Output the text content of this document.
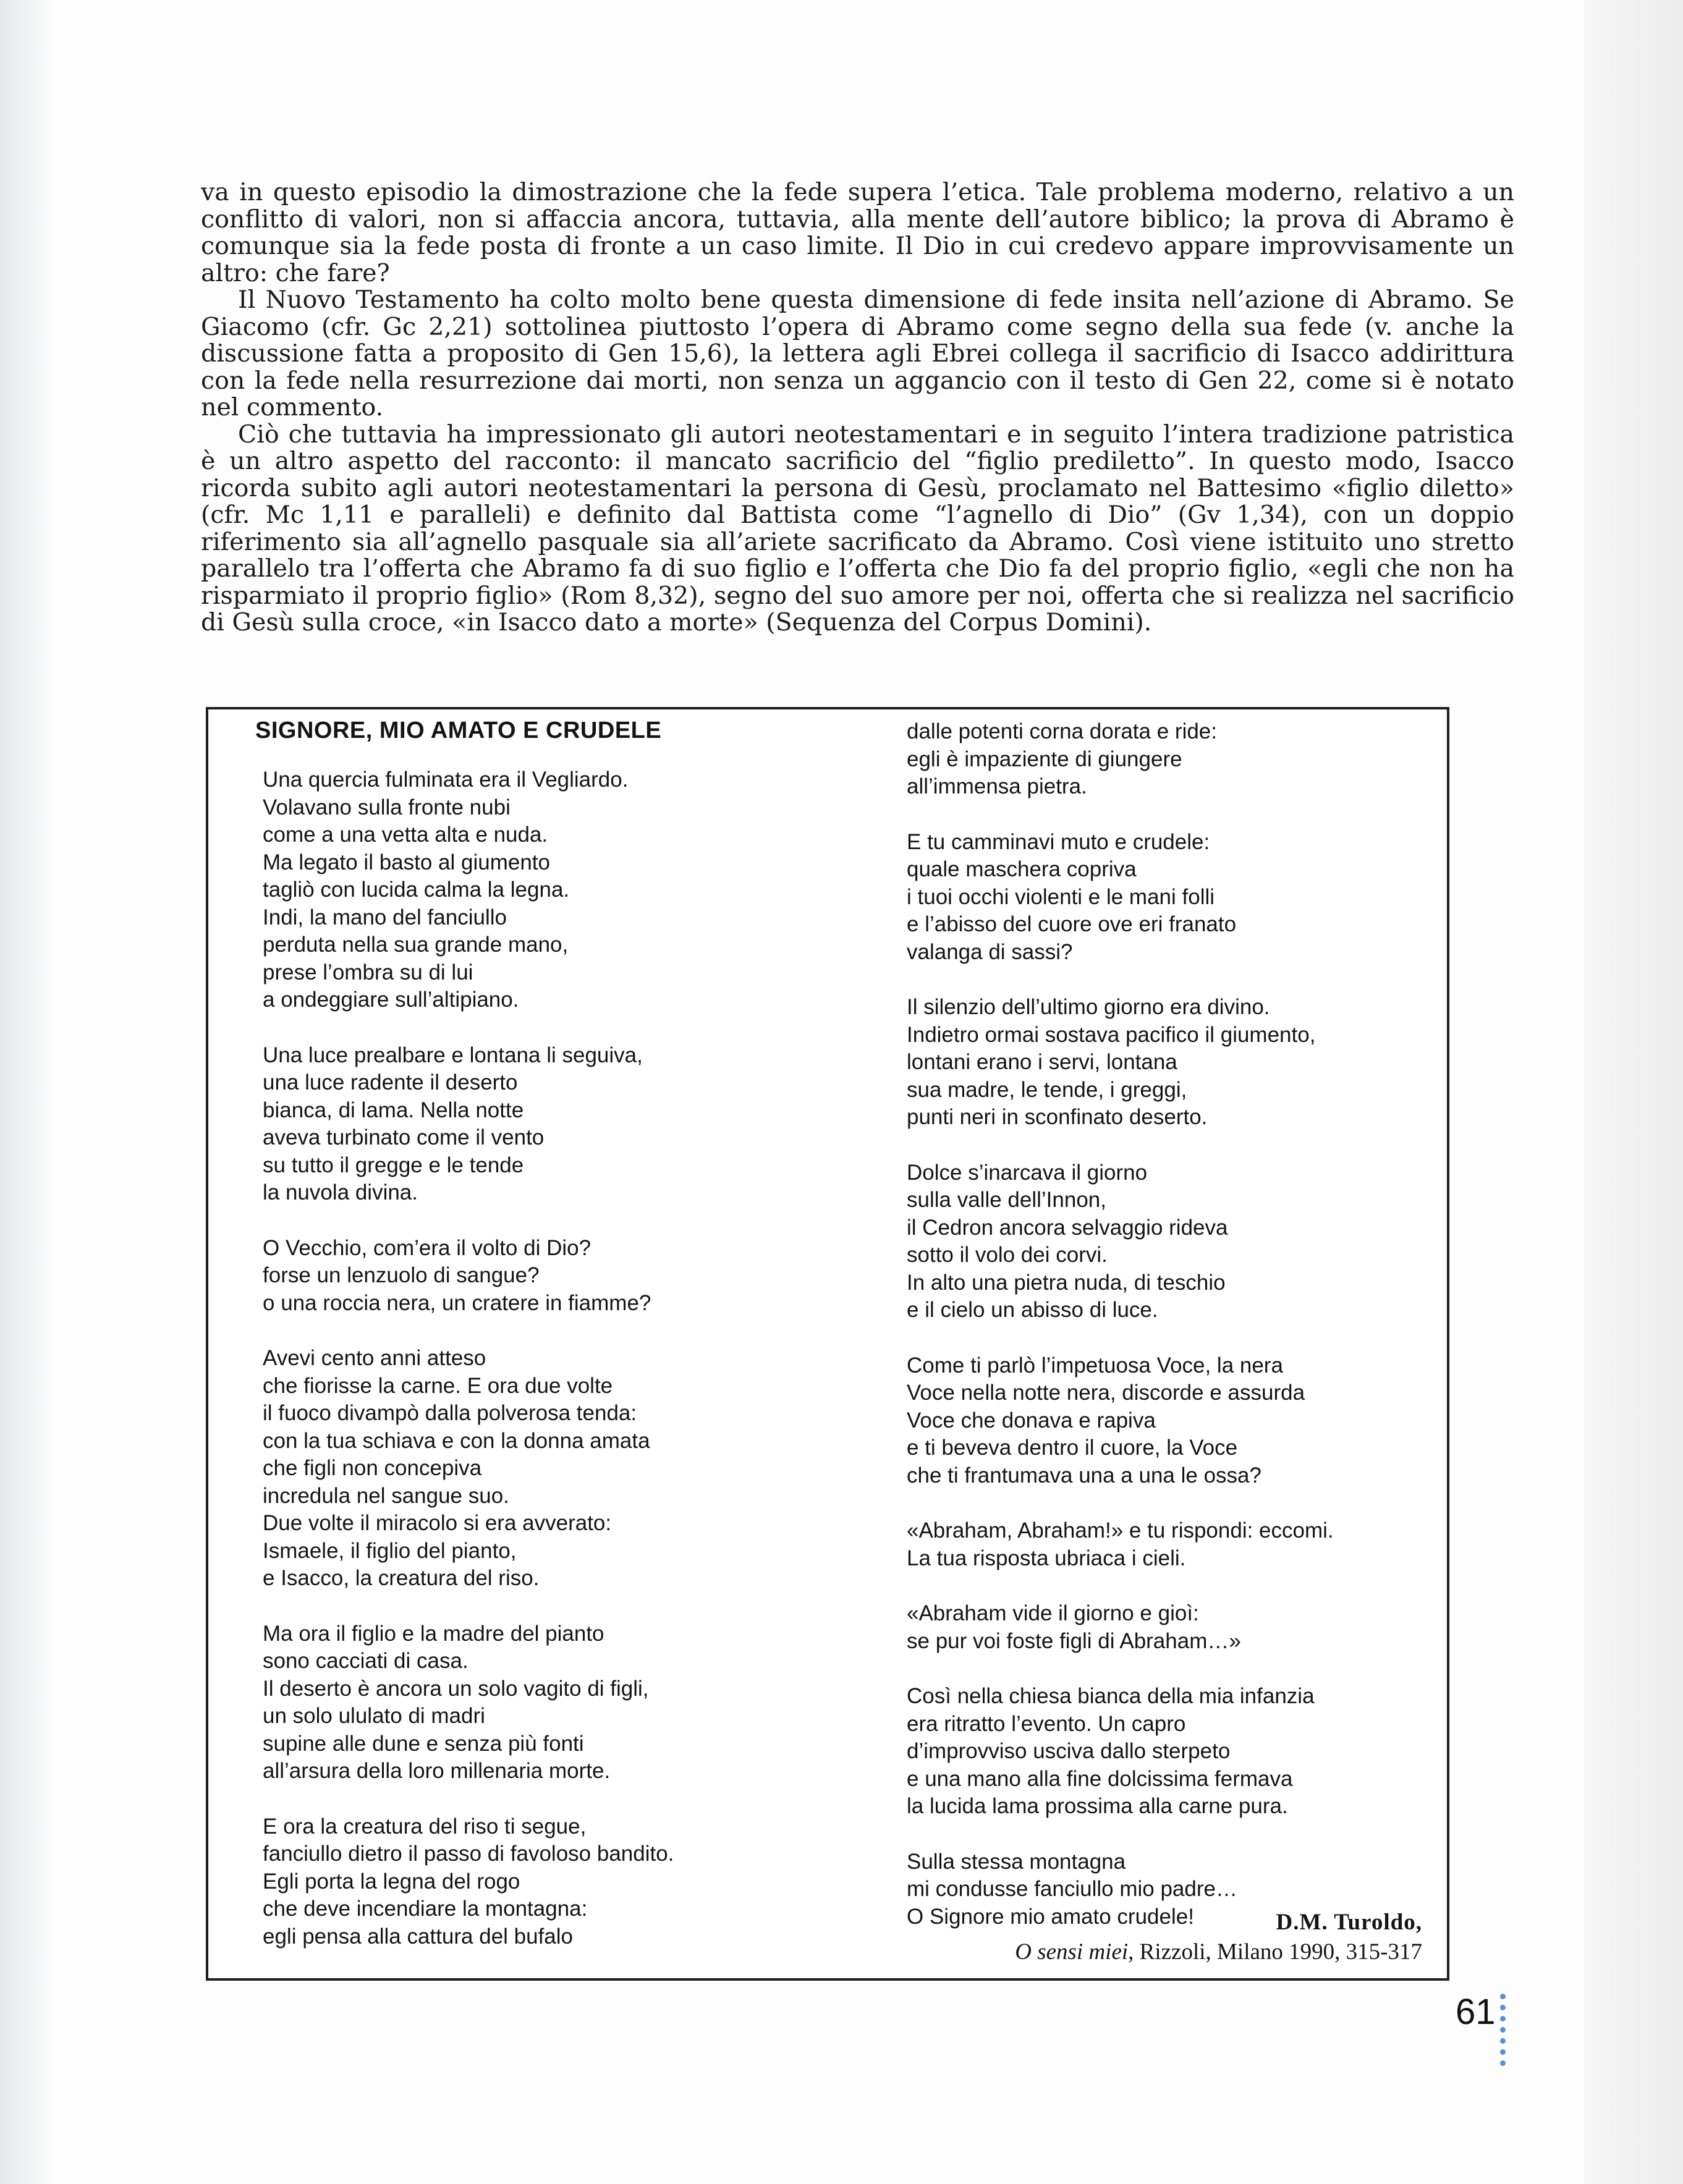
va in questo episodio la dimostrazione che la fede supera l’etica. Tale problema moderno, relativo a un conflitto di valori, non si affaccia ancora, tuttavia, alla mente dell’autore biblico; la prova di Abramo è comunque sia la fede posta di fronte a un caso limite. Il Dio in cui credevo appare improvvisamente un altro: che fare?

Il Nuovo Testamento ha colto molto bene questa dimensione di fede insita nell’azione di Abramo. Se Giacomo (cfr. Gc 2,21) sottolinea piuttosto l’opera di Abramo come segno della sua fede (v. anche la discussione fatta a proposito di Gen 15,6), la lettera agli Ebrei collega il sacrificio di Isacco addirittura con la fede nella resurrezione dai morti, non senza un aggancio con il testo di Gen 22, come si è notato nel commento.

Ciò che tuttavia ha impressionato gli autori neotestamentari e in seguito l’intera tradizione patristica è un altro aspetto del racconto: il mancato sacrificio del “figlio prediletto”. In questo modo, Isacco ricorda subito agli autori neotestamentari la persona di Gesù, proclamato nel Battesimo «figlio diletto» (cfr. Mc 1,11 e paralleli) e definito dal Battista come “l’agnello di Dio” (Gv 1,34), con un doppio riferimento sia all’agnello pasquale sia all’ariete sacrificato da Abramo. Così viene istituito uno stretto parallelo tra l’offerta che Abramo fa di suo figlio e l’offerta che Dio fa del proprio figlio, «egli che non ha risparmiato il proprio figlio» (Rom 8,32), segno del suo amore per noi, offerta che si realizza nel sacrificio di Gesù sulla croce, «in Isacco dato a morte» (Sequenza del Corpus Domini).

SIGNORE, MIO AMATO E CRUDELE
Una quercia fulminata era il Vegliardo.
Volavano sulla fronte nubi
come a una vetta alta e nuda.
Ma legato il basto al giumento
tagliò con lucida calma la legna.
Indi, la mano del fanciullo
perduta nella sua grande mano,
prese l’ombra su di lui
a ondeggiare sull’altipiano.
Una luce prealbare e lontana li seguiva,
una luce radente il deserto
bianca, di lama. Nella notte
aveva turbinato come il vento
su tutto il gregge e le tende
la nuvola divina.
O Vecchio, com’era il volto di Dio?
forse un lenzuolo di sangue?
o una roccia nera, un cratere in fiamme?
Avevi cento anni atteso
che fiorisse la carne. E ora due volte
il fuoco divampò dalla polverosa tenda:
con la tua schiava e con la donna amata
che figli non concepiva
incredula nel sangue suo.
Due volte il miracolo si era avverato:
Ismaele, il figlio del pianto,
e Isacco, la creatura del riso.
Ma ora il figlio e la madre del pianto
sono cacciati di casa.
Il deserto è ancora un solo vagito di figli,
un solo ululato di madri
supine alle dune e senza più fonti
all’arsura della loro millenaria morte.
E ora la creatura del riso ti segue,
fanciullo dietro il passo di favoloso bandito.
Egli porta la legna del rogo
che deve incendiare la montagna:
egli pensa alla cattura del bufalo
dalle potenti corna dorata e ride:
egli è impaziente di giungere
all’immensa pietra.
E tu camminavi muto e crudele:
quale maschera copriva
i tuoi occhi violenti e le mani folli
e l’abisso del cuore ove eri franato
valanga di sassi?
Il silenzio dell’ultimo giorno era divino.
Indietro ormai sostava pacifico il giumento,
lontani erano i servi, lontana
sua madre, le tende, i greggi,
punti neri in sconfinato deserto.
Dolce s’inarcava il giorno
sulla valle dell’Innon,
il Cedron ancora selvaggio rideva
sotto il volo dei corvi.
In alto una pietra nuda, di teschio
e il cielo un abisso di luce.
Come ti parlò l’impetuosa Voce, la nera
Voce nella notte nera, discorde e assurda
Voce che donava e rapiva
e ti beveva dentro il cuore, la Voce
che ti frantumava una a una le ossa?
«Abraham, Abraham!» e tu rispondi: eccomi.
La tua risposta ubriaca i cieli.
«Abraham vide il giorno e gioì:
se pur voi foste figli di Abraham…»
Così nella chiesa bianca della mia infanzia
era ritratto l’evento. Un capro
d’improvviso usciva dallo sterpeto
e una mano alla fine dolcissima fermava
la lucida lama prossima alla carne pura.
Sulla stessa montagna
mi condusse fanciullo mio padre…
O Signore mio amato crudele!	D.M. Turoldo,
O sensi miei, Rizzoli, Milano 1990, 315-317
61
